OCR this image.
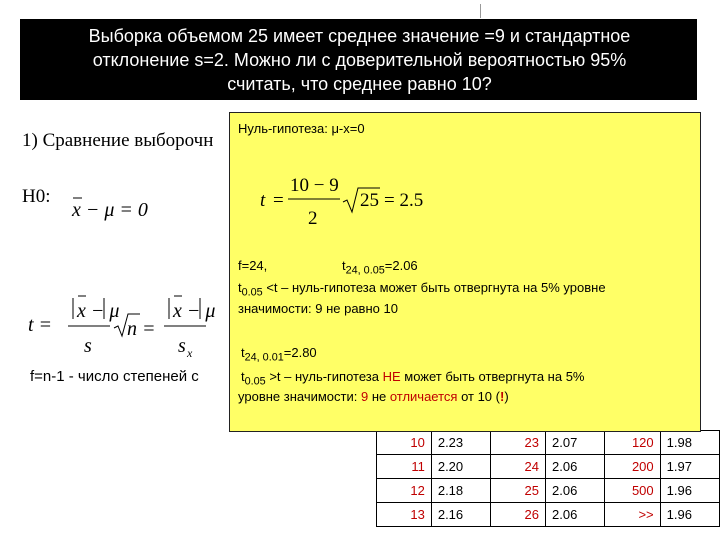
1) Сравнение выборочн
H0:
x − μ = 0
t =
x − μ
s
n =
x − μ
s x
f=n-1 - число степеней с
10	2.23	23	2.07	120	1.98
11	2.20	24	2.06	200	1.97
12	2.18	25	2.06	500	1.96
13	2.16	26	2.06	>>	1.96
Выборка объемом 25 имеет среднее значение =9 и стандартное
отклонение s=2. Можно ли с доверительной вероятностью 95%
считать, что среднее равно 10?
Нуль-гипотеза: μ-x=0
t =
10 − 9
2
25 = 2.5
f=24,	$t_{24, 0.05}=2.06$
$t_{0.05} <t$ – нуль-гипотеза может быть отвергнута на 5% уровне
значимости: 9 не равно 10
$t_{24, 0.01}=2.80$
$t_{0.05} >t$ – нуль-гипотеза НЕ может быть отвергнута на 5%
уровне значимости: 9 не отличается от 10 (!)
